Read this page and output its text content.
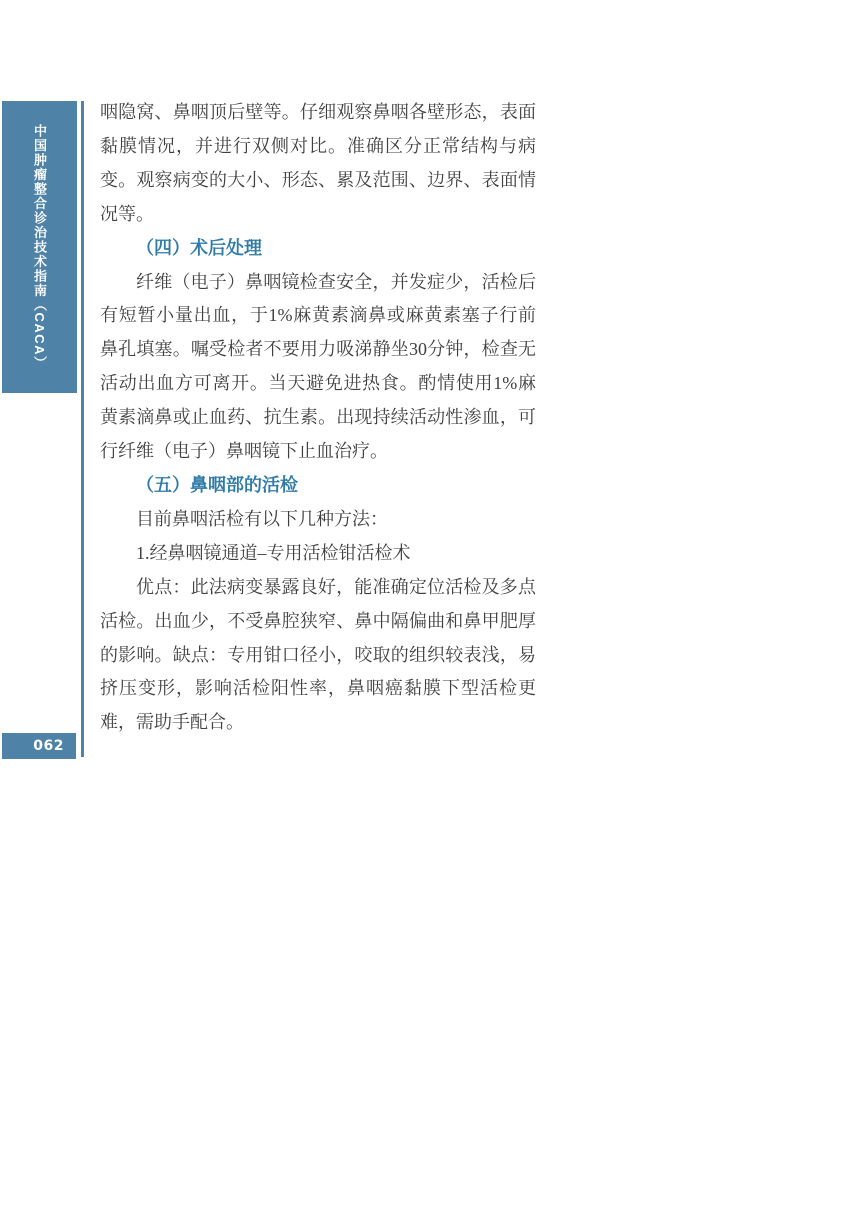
中国肿瘤整合诊治技术指南（CACA）
062
咽隐窝、鼻咽顶后壁等。仔细观察鼻咽各壁形态，表面
黏膜情况，并进行双侧对比。准确区分正常结构与病
变。观察病变的大小、形态、累及范围、边界、表面情
况等。
（四）术后处理
纤维（电子）鼻咽镜检查安全，并发症少，活检后
有短暂小量出血，于1%麻黄素滴鼻或麻黄素塞子行前
鼻孔填塞。嘱受检者不要用力吸涕静坐30分钟，检查无
活动出血方可离开。当天避免进热食。酌情使用1%麻
黄素滴鼻或止血药、抗生素。出现持续活动性渗血，可
行纤维（电子）鼻咽镜下止血治疗。
（五）鼻咽部的活检
目前鼻咽活检有以下几种方法：
1.经鼻咽镜通道–专用活检钳活检术
优点：此法病变暴露良好，能准确定位活检及多点
活检。出血少，不受鼻腔狭窄、鼻中隔偏曲和鼻甲肥厚
的影响。缺点：专用钳口径小，咬取的组织较表浅，易
挤压变形，影响活检阳性率，鼻咽癌黏膜下型活检更
难，需助手配合。
